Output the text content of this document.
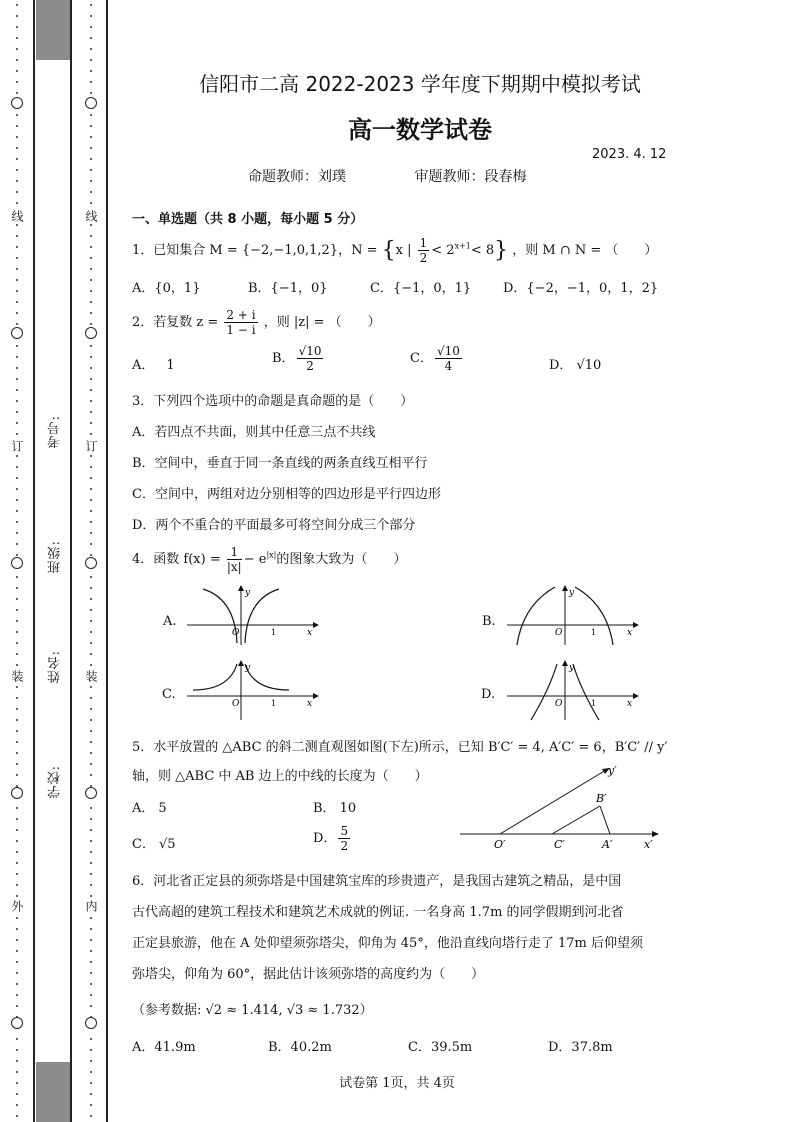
线
订
装
外
线
订
装
内
考号:
班级:
姓名:
学校:
信阳市二高 2022-2023 学年度下期期中模拟考试
高一数学试卷
2023. 4. 12
命题教师：刘璞	审题教师：段春梅
一、单选题（共 8 小题，每小题 5 分）
1．已知集合 M = {−2,−1,0,1,2}，N = {x | $\frac{1}{2} < 2^{x+1}< 8$} ，则 M ∩ N = （　　）
A．{0，1}	B．{−1，0}	C．{−1，0，1} D．{−2，−1，0，1，2}
2．若复数 $z = \frac{2 + i}{1 - i}$ ，则 |z| = （　　）
A． 1	B． $\frac{√10}{2}$	C． $\frac{√10}{4}$	D． √10
3．下列四个选项中的命题是真命题的是（　　）
A．若四点不共面，则其中任意三点不共线
B．空间中，垂直于同一条直线的两条直线互相平行
C．空间中，两组对边分别相等的四边形是平行四边形
D．两个不重合的平面最多可将空间分成三个部分
4．函数 $f(x) = \frac{1}{|x|} - e^{|x|}$的图象大致为（　　）
A.	B.
C.	D.
y
x
O	1
y
x
O	1
y
x
O	1
y
x
O	1
5．水平放置的 △ABC 的斜二测直观图如图(下左)所示，已知 B′C′ = 4, A′C′ = 6，B′C′ // y′
轴，则 △ABC 中 AB 边上的中线的长度为（　　）
A． 5	B． 10
C． √5	D． $\frac{5}{2}$
y′
x′
O′	C′	A′
B′
6．河北省正定县的须弥塔是中国建筑宝库的珍贵遗产，是我国古建筑之精品，是中国
古代高超的建筑工程技术和建筑艺术成就的例证. 一名身高 1.7m 的同学假期到河北省
正定县旅游，他在 A 处仰望须弥塔尖，仰角为 45°，他沿直线向塔行走了 17m 后仰望须
弥塔尖，仰角为 60°，据此估计该须弥塔的高度约为（　　）
（参考数据: √2 ≈ 1.414, √3 ≈ 1.732）
A．41.9m	B．40.2m	C．39.5m	D．37.8m
试卷第 1页，共 4页
